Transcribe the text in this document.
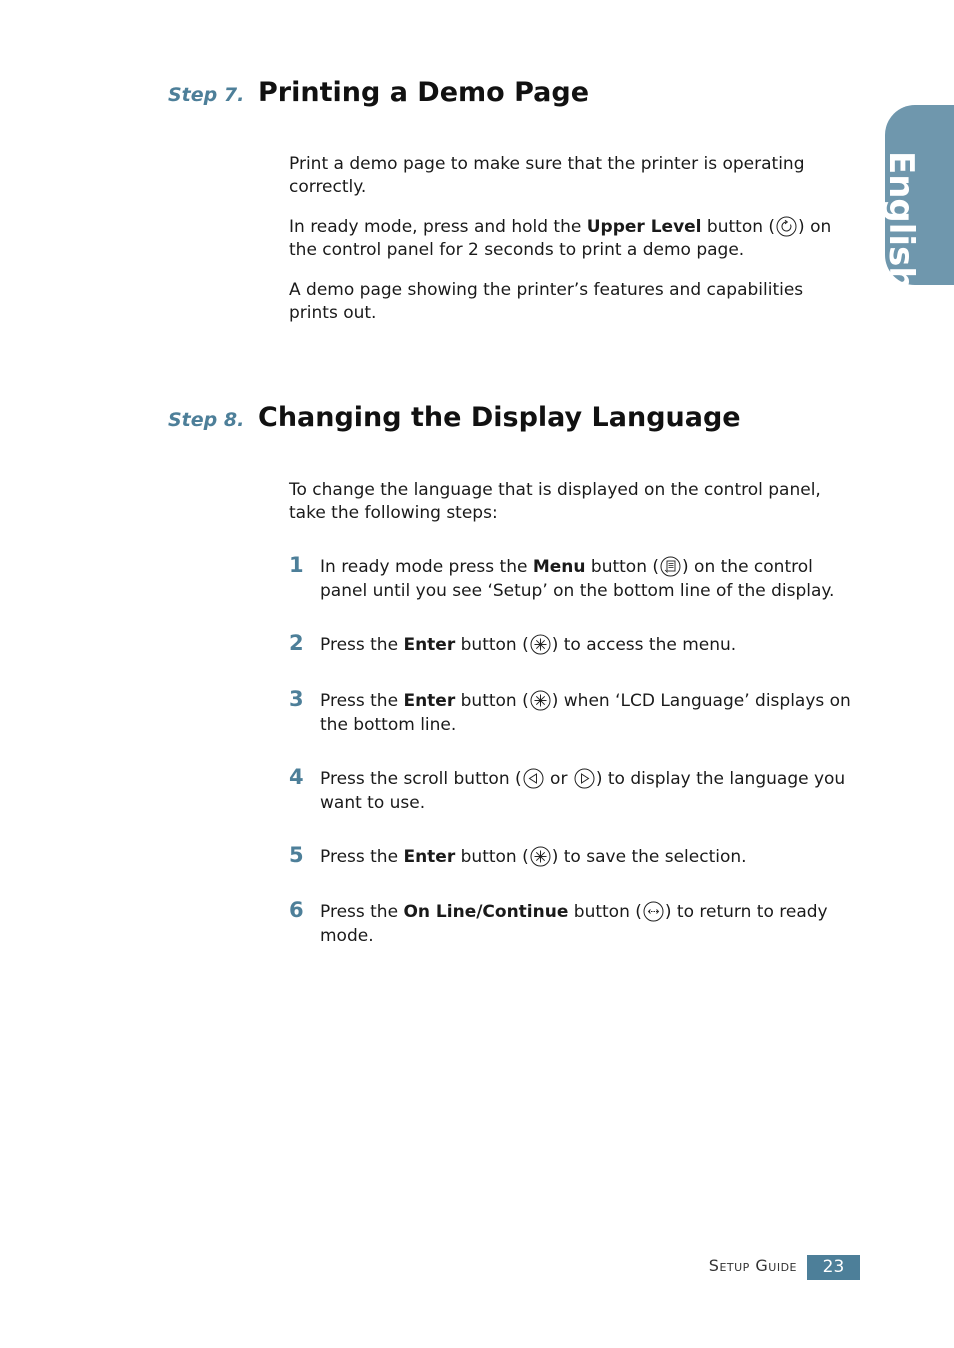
English
Step 7. Printing a Demo Page
Print a demo page to make sure that the printer is operating correctly.
In ready mode, press and hold the Upper Level button ( ) on the control panel for 2 seconds to print a demo page.
A demo page showing the printer’s features and capabilities prints out.
Step 8. Changing the Display Language
To change the language that is displayed on the control panel, take the following steps:
1 In ready mode press the Menu button ( ) on the control panel until you see ‘Setup’ on the bottom line of the display.
2 Press the Enter button ( ) to access the menu.
3 Press the Enter button ( ) when ‘LCD Language’ displays on the bottom line.
4 Press the scroll button (
or
) to display the language you want to use.
5 Press the Enter button ( ) to save the selection.
6 Press the On Line/Continue button ( ) to return to ready mode.
Setup Guide	23
